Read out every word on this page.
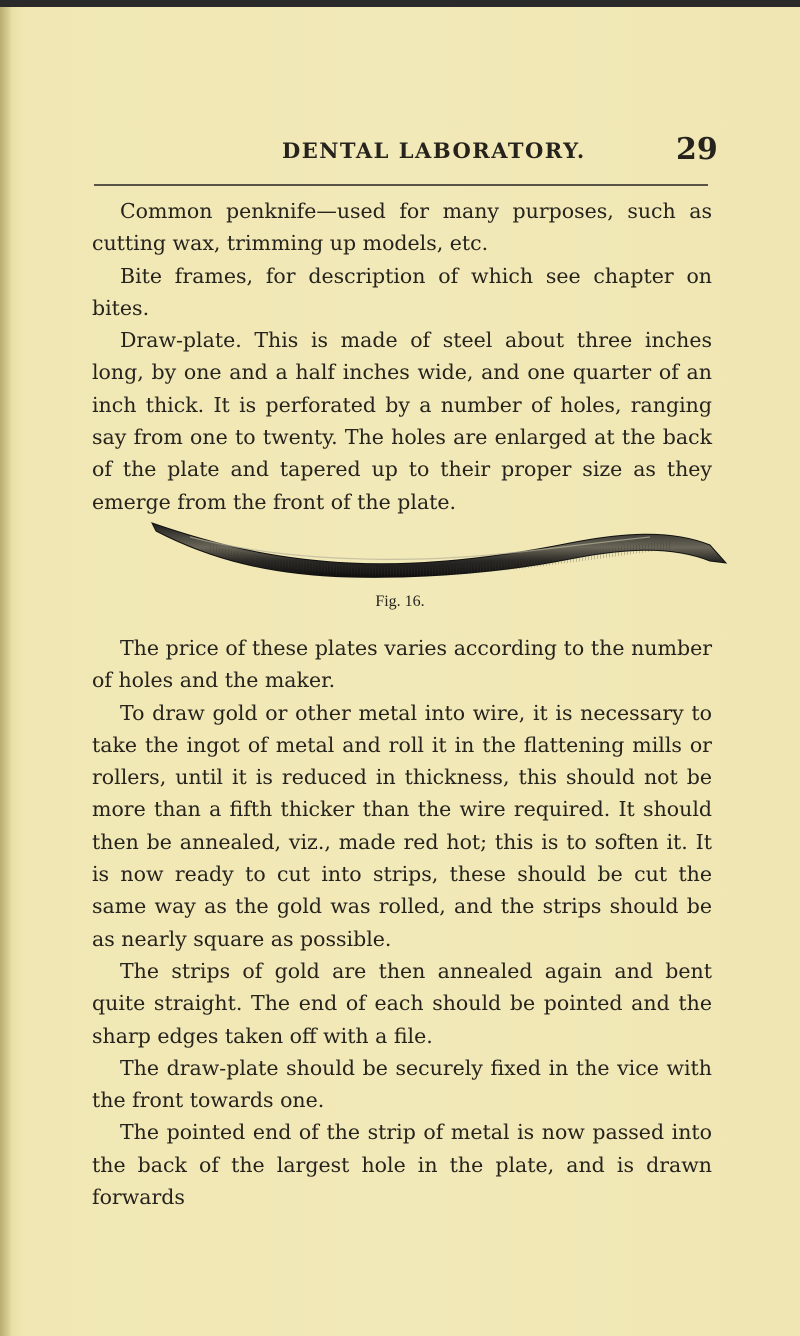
DENTAL LABORATORY.	29

Common penknife—used for many purposes, such as cutting wax, trimming up models, etc.

Bite frames, for description of which see chapter on bites.

Draw-plate. This is made of steel about three inches long, by one and a half inches wide, and one quarter of an inch thick. It is perforated by a number of holes, ranging say from one to twenty. The holes are enlarged at the back of the plate and tapered up to their proper size as they emerge from the front of the plate.

Fig. 16.

The price of these plates varies according to the number of holes and the maker.

To draw gold or other metal into wire, it is necessary to take the ingot of metal and roll it in the flattening mills or rollers, until it is reduced in thickness, this should not be more than a fifth thicker than the wire required. It should then be annealed, viz., made red hot; this is to soften it. It is now ready to cut into strips, these should be cut the same way as the gold was rolled, and the strips should be as nearly square as possible.

The strips of gold are then annealed again and bent quite straight. The end of each should be pointed and the sharp edges taken off with a file.

The draw-plate should be securely fixed in the vice with the front towards one.

The pointed end of the strip of metal is now passed into the back of the largest hole in the plate, and is drawn forwards
